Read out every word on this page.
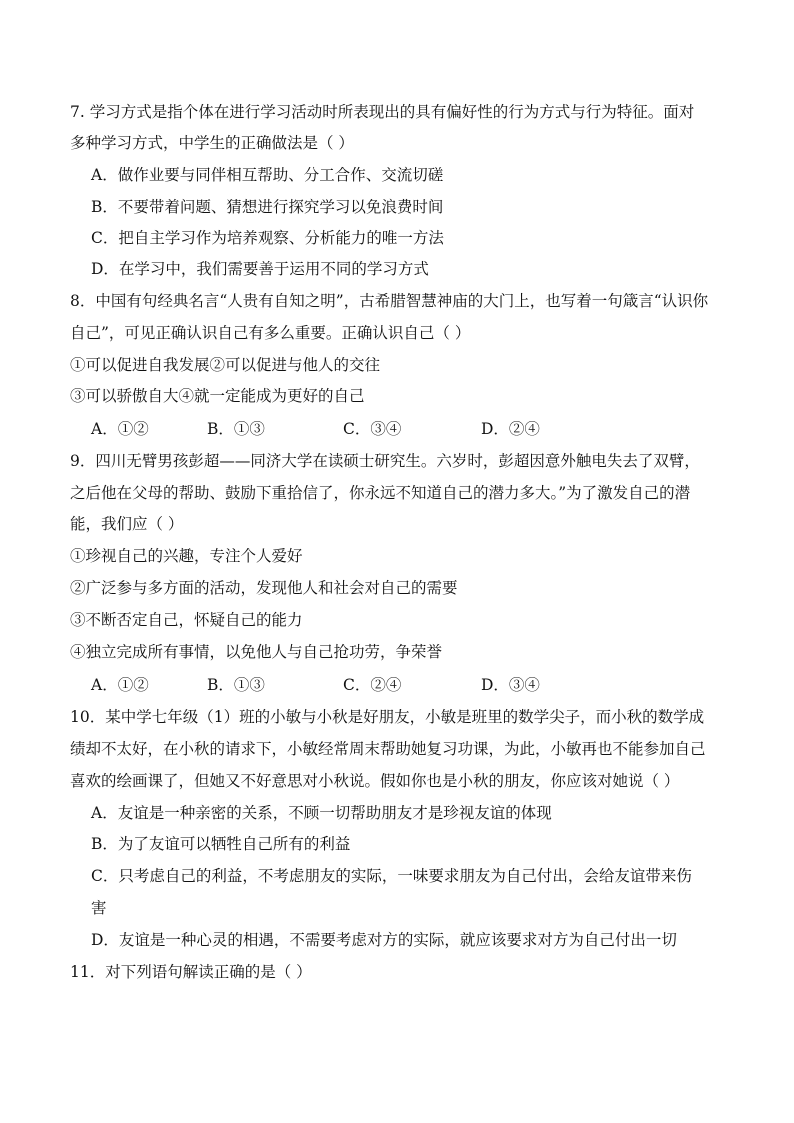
7. 学习方式是指个体在进行学习活动时所表现出的具有偏好性的行为方式与行为特征。面对
多种学习方式，中学生的正确做法是（ ）
A．做作业要与同伴相互帮助、分工合作、交流切磋
B．不要带着问题、猜想进行探究学习以免浪费时间
C．把自主学习作为培养观察、分析能力的唯一方法
D．在学习中，我们需要善于运用不同的学习方式
8．中国有句经典名言“人贵有自知之明”，古希腊智慧神庙的大门上，也写着一句箴言“认识你
自己”，可见正确认识自己有多么重要。正确认识自己（ ）
①可以促进自我发展②可以促进与他人的交往
③可以骄傲自大④就一定能成为更好的自己
A．①②	B．①③	C．③④	D．②④
9．四川无臂男孩彭超——同济大学在读硕士研究生。六岁时，彭超因意外触电失去了双臂，
之后他在父母的帮助、鼓励下重拾信了，你永远不知道自己的潜力多大。”为了激发自己的潜
能，我们应（ ）
①珍视自己的兴趣，专注个人爱好
②广泛参与多方面的活动，发现他人和社会对自己的需要
③不断否定自己，怀疑自己的能力
④独立完成所有事情，以免他人与自己抢功劳，争荣誉
A．①②	B．①③	C．②④	D．③④
10．某中学七年级（1）班的小敏与小秋是好朋友，小敏是班里的数学尖子，而小秋的数学成
绩却不太好，在小秋的请求下，小敏经常周末帮助她复习功课，为此，小敏再也不能参加自己
喜欢的绘画课了，但她又不好意思对小秋说。假如你也是小秋的朋友，你应该对她说（ ）
A．友谊是一种亲密的关系，不顾一切帮助朋友才是珍视友谊的体现
B．为了友谊可以牺牲自己所有的利益
C．只考虑自己的利益，不考虑朋友的实际，一味要求朋友为自己付出，会给友谊带来伤
害
D．友谊是一种心灵的相遇，不需要考虑对方的实际，就应该要求对方为自己付出一切
11．对下列语句解读正确的是（ ）
